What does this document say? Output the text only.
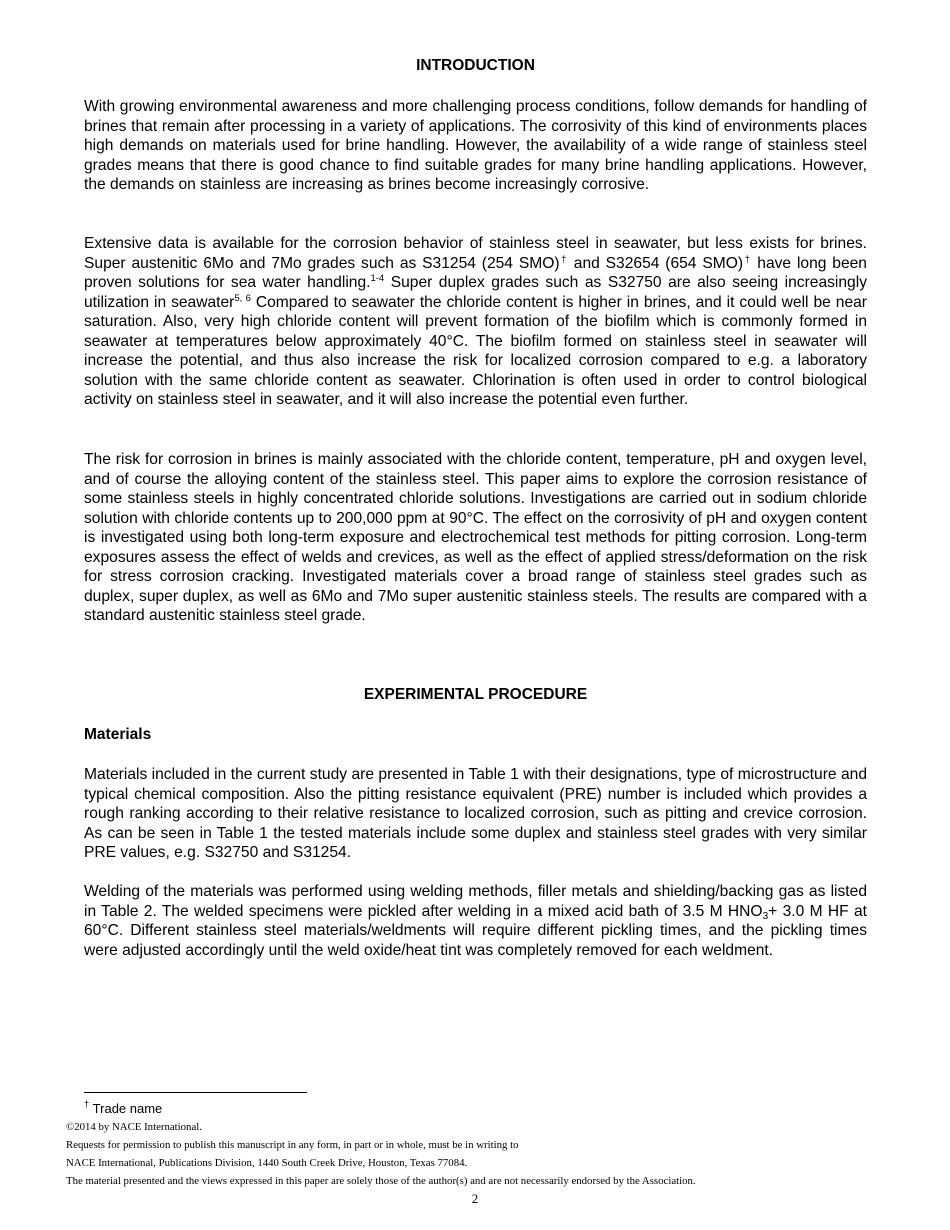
INTRODUCTION

With growing environmental awareness and more challenging process conditions, follow demands for handling of brines that remain after processing in a variety of applications. The corrosivity of this kind of environments places high demands on materials used for brine handling. However, the availability of a wide range of stainless steel grades means that there is good chance to find suitable grades for many brine handling applications. However, the demands on stainless are increasing as brines become increasingly corrosive.

Extensive data is available for the corrosion behavior of stainless steel in seawater, but less exists for brines. Super austenitic 6Mo and 7Mo grades such as S31254 (254 SMO)† and S32654 (654 SMO)† have long been proven solutions for sea water handling.$^{1-4}$ Super duplex grades such as S32750 are also seeing increasingly utilization in seawater$^{5, 6}$ Compared to seawater the chloride content is higher in brines, and it could well be near saturation. Also, very high chloride content will prevent formation of the biofilm which is commonly formed in seawater at temperatures below approximately 40°C. The biofilm formed on stainless steel in seawater will increase the potential, and thus also increase the risk for localized corrosion compared to e.g. a laboratory solution with the same chloride content as seawater. Chlorination is often used in order to control biological activity on stainless steel in seawater, and it will also increase the potential even further.

The risk for corrosion in brines is mainly associated with the chloride content, temperature, pH and oxygen level, and of course the alloying content of the stainless steel. This paper aims to explore the corrosion resistance of some stainless steels in highly concentrated chloride solutions. Investigations are carried out in sodium chloride solution with chloride contents up to 200,000 ppm at 90°C. The effect on the corrosivity of pH and oxygen content is investigated using both long-term exposure and electrochemical test methods for pitting corrosion. Long-term exposures assess the effect of welds and crevices, as well as the effect of applied stress/deformation on the risk for stress corrosion cracking. Investigated materials cover a broad range of stainless steel grades such as duplex, super duplex, as well as 6Mo and 7Mo super austenitic stainless steels. The results are compared with a standard austenitic stainless steel grade.

EXPERIMENTAL PROCEDURE
Materials

Materials included in the current study are presented in Table 1 with their designations, type of microstructure and typical chemical composition. Also the pitting resistance equivalent (PRE) number is included which provides a rough ranking according to their relative resistance to localized corrosion, such as pitting and crevice corrosion. As can be seen in Table 1 the tested materials include some duplex and stainless steel grades with very similar PRE values, e.g. S32750 and S31254.

Welding of the materials was performed using welding methods, filler metals and shielding/backing gas as listed in Table 2. The welded specimens were pickled after welding in a mixed acid bath of 3.5 M $HNO_3+ 3.0$ M HF at 60°C. Different stainless steel materials/weldments will require different pickling times, and the pickling times were adjusted accordingly until the weld oxide/heat tint was completely removed for each weldment.

† Trade name
©2014 by NACE International.
Requests for permission to publish this manuscript in any form, in part or in whole, must be in writing to
NACE International, Publications Division, 1440 South Creek Drive, Houston, Texas 77084.
The material presented and the views expressed in this paper are solely those of the author(s) and are not necessarily endorsed by the Association.
2
